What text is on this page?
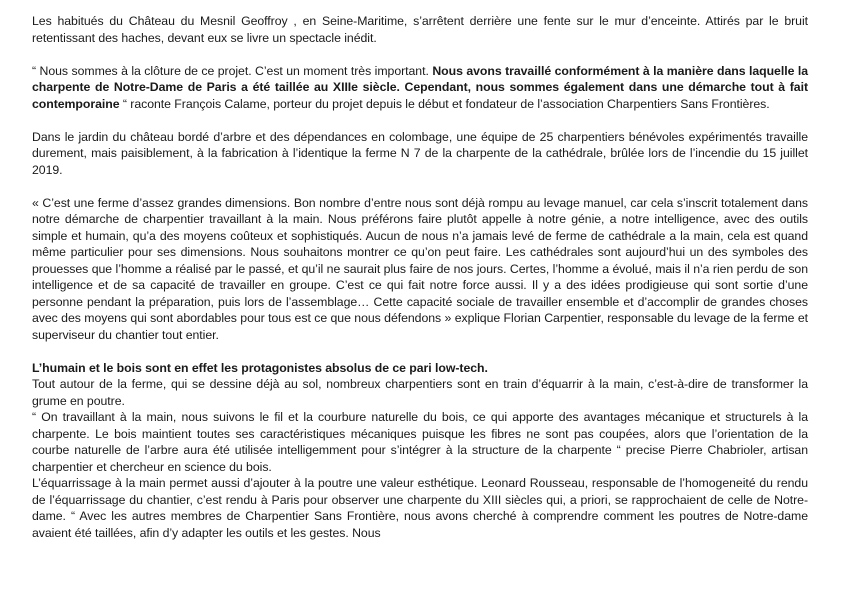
Les habitués du Château du Mesnil Geoffroy , en Seine-Maritime, s’arrêtent derrière une fente sur le mur d’enceinte. Attirés par le bruit retentissant des haches, devant eux se livre un spectacle inédit.

“ Nous sommes à la clôture de ce projet. C’est un moment très important. Nous avons travaillé conformément à la manière dans laquelle la charpente de Notre-Dame de Paris a été taillée au XIIIe siècle. Cependant, nous sommes également dans une démarche tout à fait contemporaine “ raconte François Calame, porteur du projet depuis le début et fondateur de l’association Charpentiers Sans Frontières.

Dans le jardin du château bordé d’arbre et des dépendances en colombage, une équipe de 25 charpentiers bénévoles expérimentés travaille durement, mais paisiblement, à la fabrication à l’identique la ferme N 7 de la charpente de la cathédrale, brûlée lors de l’incendie du 15 juillet 2019.

« C’est une ferme d’assez grandes dimensions. Bon nombre d’entre nous sont déjà rompu au levage manuel, car cela s’inscrit totalement dans notre démarche de charpentier travaillant à la main. Nous préférons faire plutôt appelle à notre génie, a notre intelligence, avec des outils simple et humain, qu’a des moyens coûteux et sophistiqués. Aucun de nous n’a jamais levé de ferme de cathédrale a la main, cela est quand même particulier pour ses dimensions. Nous souhaitons montrer ce qu’on peut faire. Les cathédrales sont aujourd’hui un des symboles des prouesses que l’homme a réalisé par le passé, et qu’il ne saurait plus faire de nos jours. Certes, l’homme a évolué, mais il n’a rien perdu de son intelligence et de sa capacité de travailler en groupe. C’est ce qui fait notre force aussi. Il y a des idées prodigieuse qui sont sortie d’une personne pendant la préparation, puis lors de l’assemblage… Cette capacité sociale de travailler ensemble et d’accomplir de grandes choses avec des moyens qui sont abordables pour tous est ce que nous défendons » explique Florian Carpentier, responsable du levage de la ferme et superviseur du chantier tout entier.

L’humain et le bois sont en effet les protagonistes absolus de ce pari low-tech.

Tout autour de la ferme, qui se dessine déjà au sol, nombreux charpentiers sont en train d’équarrir à la main, c’est-à-dire de transformer la grume en poutre.

“ On travaillant à la main, nous suivons le fil et la courbure naturelle du bois, ce qui apporte des avantages mécanique et structurels à la charpente. Le bois maintient toutes ses caractéristiques mécaniques puisque les fibres ne sont pas coupées, alors que l’orientation de la courbe naturelle de l’arbre aura été utilisée intelligemment pour s’intégrer à la structure de la charpente “ precise Pierre Chabrioler, artisan charpentier et chercheur en science du bois.

L’équarrissage à la main permet aussi d’ajouter à la poutre une valeur esthétique. Leonard Rousseau, responsable de l’homogeneité du rendu de l’équarrissage du chantier, c’est rendu à Paris pour observer une charpente du XIII siècles qui, a priori, se rapprochaient de celle de Notre-dame. “ Avec les autres membres de Charpentier Sans Frontière, nous avons cherché à comprendre comment les poutres de Notre-dame avaient été taillées, afin d’y adapter les outils et les gestes. Nous
